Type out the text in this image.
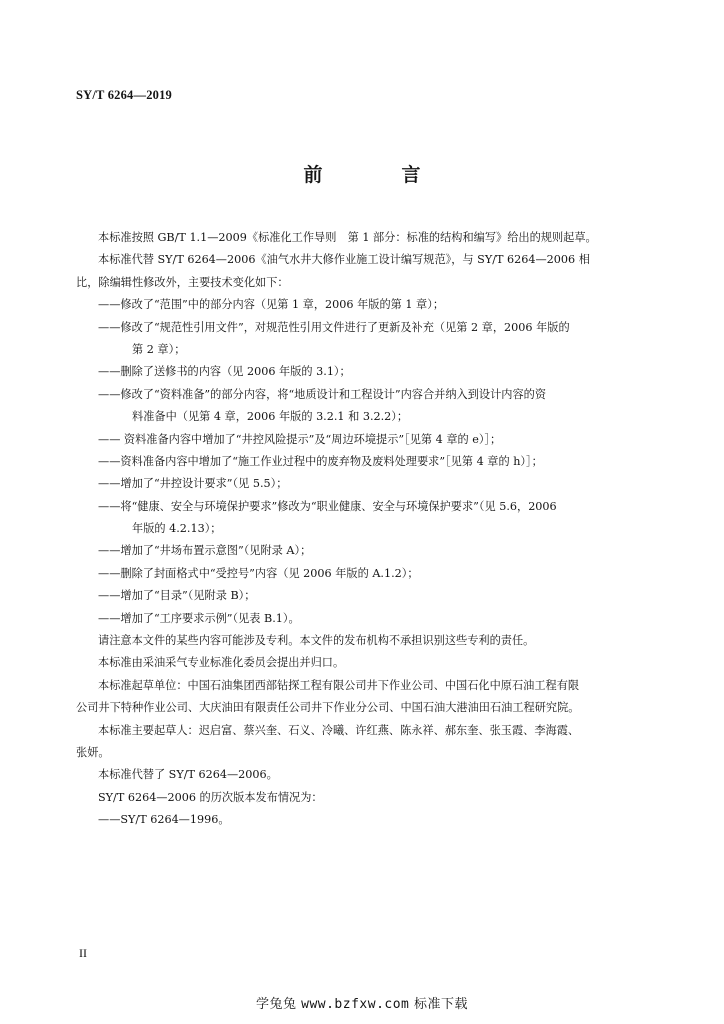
SY/T 6264—2019
前　言
本标准按照 GB/T 1.1—2009《标准化工作导则　第 1 部分：标准的结构和编写》给出的规则起草。
本标准代替 SY/T 6264—2006《油气水井大修作业施工设计编写规范》，与 SY/T 6264—2006 相
比，除编辑性修改外，主要技术变化如下：
——修改了“范围”中的部分内容（见第 1 章，2006 年版的第 1 章）；
——修改了“规范性引用文件”，对规范性引用文件进行了更新及补充（见第 2 章，2006 年版的
第 2 章）；
——删除了送修书的内容（见 2006 年版的 3.1）；
——修改了“资料准备”的部分内容，将“地质设计和工程设计”内容合并纳入到设计内容的资
料准备中（见第 4 章，2006 年版的 3.2.1 和 3.2.2）；
—— 资料准备内容中增加了“井控风险提示”及“周边环境提示”［见第 4 章的 e）］；
——资料准备内容中增加了“施工作业过程中的废弃物及废料处理要求”［见第 4 章的 h）］；
——增加了“井控设计要求”（见 5.5）；
——将“健康、安全与环境保护要求”修改为“职业健康、安全与环境保护要求”（见 5.6，2006
年版的 4.2.13）；
——增加了“井场布置示意图”（见附录 A）；
——删除了封面格式中“受控号”内容（见 2006 年版的 A.1.2）；
——增加了“目录”（见附录 B）；
——增加了“工序要求示例”（见表 B.1）。
请注意本文件的某些内容可能涉及专利。本文件的发布机构不承担识别这些专利的责任。
本标准由采油采气专业标准化委员会提出并归口。
本标准起草单位：中国石油集团西部钻探工程有限公司井下作业公司、中国石化中原石油工程有限
公司井下特种作业公司、大庆油田有限责任公司井下作业分公司、中国石油大港油田石油工程研究院。
本标准主要起草人：迟启富、蔡兴奎、石义、冷曦、许红燕、陈永祥、郝东奎、张玉霞、李海霞、
张妍。
本标准代替了 SY/T 6264—2006。
SY/T 6264—2006 的历次版本发布情况为：
——SY/T 6264—1996。
II
学兔兔 www.bzfxw.com 标准下载
